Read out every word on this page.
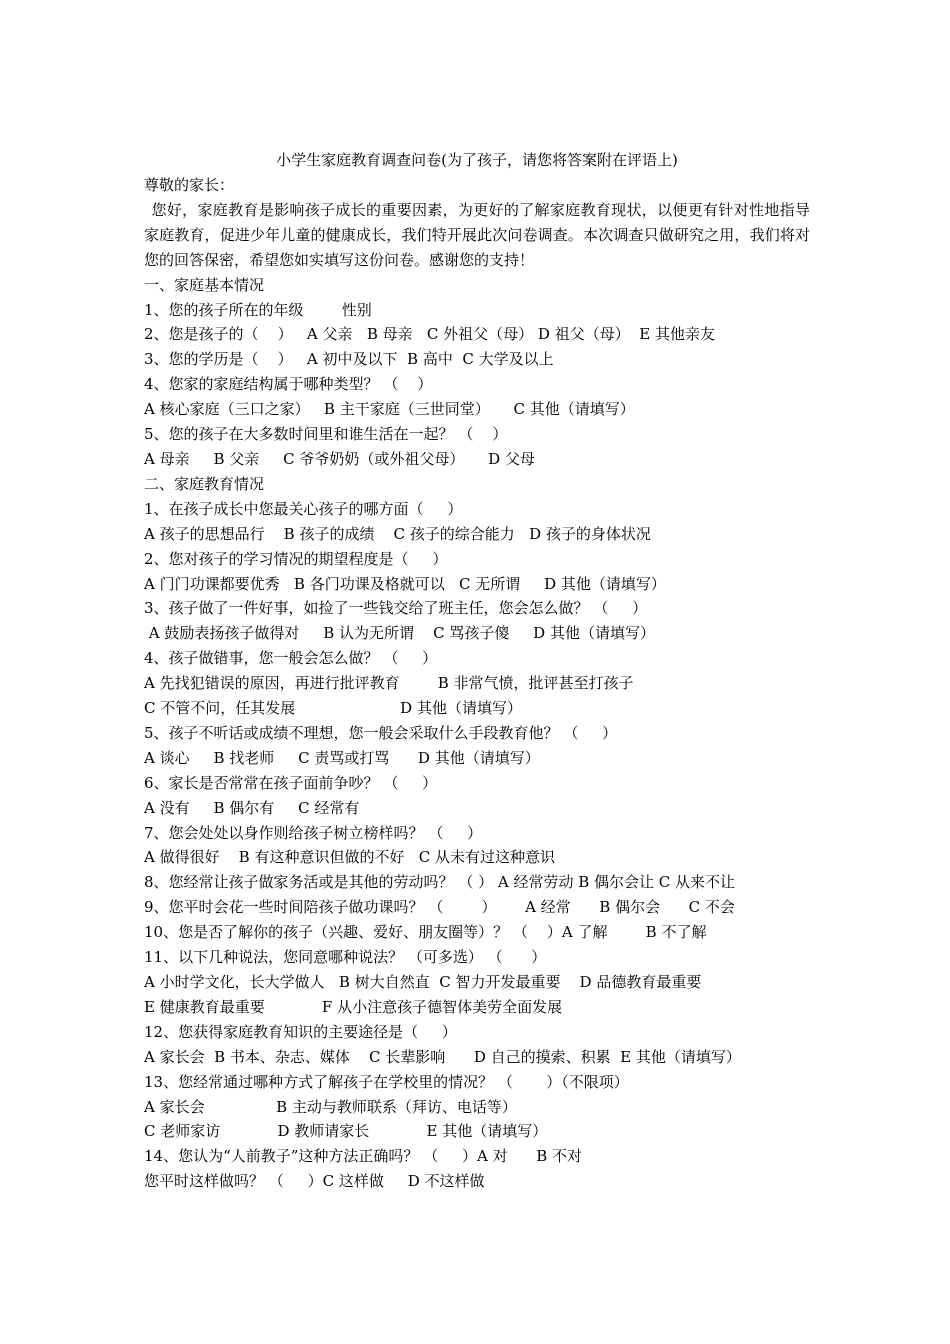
小学生家庭教育调查问卷(为了孩子，请您将答案附在评语上)
尊敬的家长：
您好，家庭教育是影响孩子成长的重要因素，为更好的了解家庭教育现状，以便更有针对性地指导家庭教育，促进少年儿童的健康成长，我们特开展此次问卷调查。本次调查只做研究之用，我们将对您的回答保密，希望您如实填写这份问卷。感谢您的支持！
一、家庭基本情况
1、您的孩子所在的年级        性别
2、您是孩子的（    ）   A 父亲   B 母亲   C 外祖父（母） D 祖父（母）  E 其他亲友
3、您的学历是（    ）   A 初中及以下  B 高中  C 大学及以上
4、您家的家庭结构属于哪种类型？ （    ）
A 核心家庭（三口之家）   B 主干家庭（三世同堂）     C 其他（请填写）
5、您的孩子在大多数时间里和谁生活在一起？ （    ）
A 母亲     B 父亲     C 爷爷奶奶（或外祖父母）     D 父母
二、家庭教育情况
1、在孩子成长中您最关心孩子的哪方面（     ）
A 孩子的思想品行    B 孩子的成绩    C 孩子的综合能力   D 孩子的身体状况
2、您对孩子的学习情况的期望程度是（     ）
A 门门功课都要优秀   B 各门功课及格就可以   C 无所谓     D 其他（请填写）
3、孩子做了一件好事，如捡了一些钱交给了班主任，您会怎么做？ （     ）
A 鼓励表扬孩子做得对     B 认为无所谓    C 骂孩子傻     D 其他（请填写）
4、孩子做错事，您一般会怎么做？ （     ）
A 先找犯错误的原因，再进行批评教育        B 非常气愤，批评甚至打孩子
C 不管不问，任其发展                      D 其他（请填写）
5、孩子不听话或成绩不理想，您一般会采取什么手段教育他？ （     ）
A 谈心     B 找老师     C 责骂或打骂      D 其他（请填写）
6、家长是否常常在孩子面前争吵？ （     ）
A 没有     B 偶尔有     C 经常有
7、您会处处以身作则给孩子树立榜样吗？ （     ）
A 做得很好    B 有这种意识但做的不好   C 从未有过这种意识
8、您经常让孩子做家务活或是其他的劳动吗？ （ ） A 经常劳动 B 偶尔会让 C 从来不让
9、您平时会花一些时间陪孩子做功课吗？ （        ）      A 经常      B 偶尔会      C 不会
10、您是否了解你的孩子（兴趣、爱好、朋友圈等）？ （    ）A 了解        B 不了解
11、以下几种说法，您同意哪种说法？ （可多选） （      ）
A 小时学文化，长大学做人   B 树大自然直  C 智力开发最重要    D 品德教育最重要
E 健康教育最重要            F 从小注意孩子德智体美劳全面发展
12、您获得家庭教育知识的主要途径是（     ）
A 家长会  B 书本、杂志、媒体    C 长辈影响      D 自己的摸索、积累  E 其他（请填写）
13、您经常通过哪种方式了解孩子在学校里的情况？ （       ）（不限项）
A 家长会               B 主动与教师联系（拜访、电话等）
C 老师家访            D 教师请家长            E 其他（请填写）
14、您认为“人前教子”这种方法正确吗？ （     ）A 对      B 不对
您平时这样做吗？ （     ）C 这样做     D 不这样做
